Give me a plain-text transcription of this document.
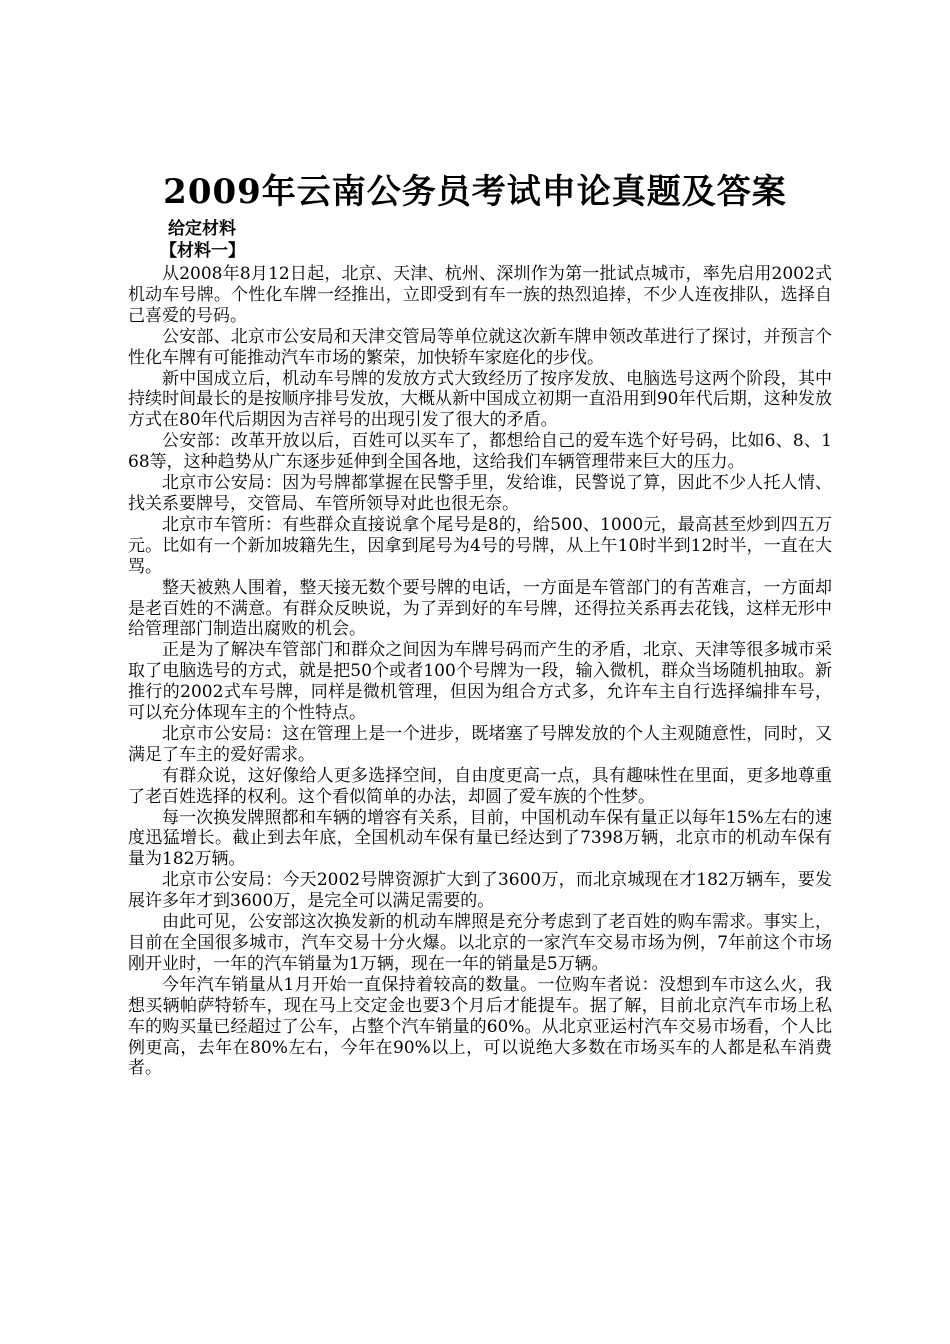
2009年云南公务员考试申论真题及答案
给定材料
【材料一】

从2008年8月12日起，北京、天津、杭州、深圳作为第一批试点城市，率先启用2002式机动车号牌。个性化车牌一经推出，立即受到有车一族的热烈追捧，不少人连夜排队，选择自己喜爱的号码。

公安部、北京市公安局和天津交管局等单位就这次新车牌申领改革进行了探讨，并预言个性化车牌有可能推动汽车市场的繁荣，加快轿车家庭化的步伐。

新中国成立后，机动车号牌的发放方式大致经历了按序发放、电脑选号这两个阶段，其中持续时间最长的是按顺序排号发放，大概从新中国成立初期一直沿用到90年代后期，这种发放方式在80年代后期因为吉祥号的出现引发了很大的矛盾。

公安部：改革开放以后，百姓可以买车了，都想给自己的爱车选个好号码，比如6、8、168等，这种趋势从广东逐步延伸到全国各地，这给我们车辆管理带来巨大的压力。

北京市公安局：因为号牌都掌握在民警手里，发给谁，民警说了算，因此不少人托人情、找关系要牌号，交管局、车管所领导对此也很无奈。

北京市车管所：有些群众直接说拿个尾号是8的，给500、1000元，最高甚至炒到四五万元。比如有一个新加坡籍先生，因拿到尾号为4号的号牌，从上午10时半到12时半，一直在大骂。

整天被熟人围着，整天接无数个要号牌的电话，一方面是车管部门的有苦难言，一方面却是老百姓的不满意。有群众反映说，为了弄到好的车号牌，还得拉关系再去花钱，这样无形中给管理部门制造出腐败的机会。

正是为了解决车管部门和群众之间因为车牌号码而产生的矛盾，北京、天津等很多城市采取了电脑选号的方式，就是把50个或者100个号牌为一段，输入微机，群众当场随机抽取。新推行的2002式车号牌，同样是微机管理，但因为组合方式多，允许车主自行选择编排车号，可以充分体现车主的个性特点。

北京市公安局：这在管理上是一个进步，既堵塞了号牌发放的个人主观随意性，同时，又满足了车主的爱好需求。

有群众说，这好像给人更多选择空间，自由度更高一点，具有趣味性在里面，更多地尊重了老百姓选择的权利。这个看似简单的办法，却圆了爱车族的个性梦。

每一次换发牌照都和车辆的增容有关系，目前，中国机动车保有量正以每年15%左右的速度迅猛增长。截止到去年底，全国机动车保有量已经达到了7398万辆，北京市的机动车保有量为182万辆。

北京市公安局：今天2002号牌资源扩大到了3600万，而北京城现在才182万辆车，要发展许多年才到3600万，是完全可以满足需要的。

由此可见，公安部这次换发新的机动车牌照是充分考虑到了老百姓的购车需求。事实上，目前在全国很多城市，汽车交易十分火爆。以北京的一家汽车交易市场为例，7年前这个市场刚开业时，一年的汽车销量为1万辆，现在一年的销量是5万辆。

今年汽车销量从1月开始一直保持着较高的数量。一位购车者说：没想到车市这么火，我想买辆帕萨特轿车，现在马上交定金也要3个月后才能提车。据了解，目前北京汽车市场上私车的购买量已经超过了公车，占整个汽车销量的60%。从北京亚运村汽车交易市场看，个人比例更高，去年在80%左右，今年在90%以上，可以说绝大多数在市场买车的人都是私车消费者。
